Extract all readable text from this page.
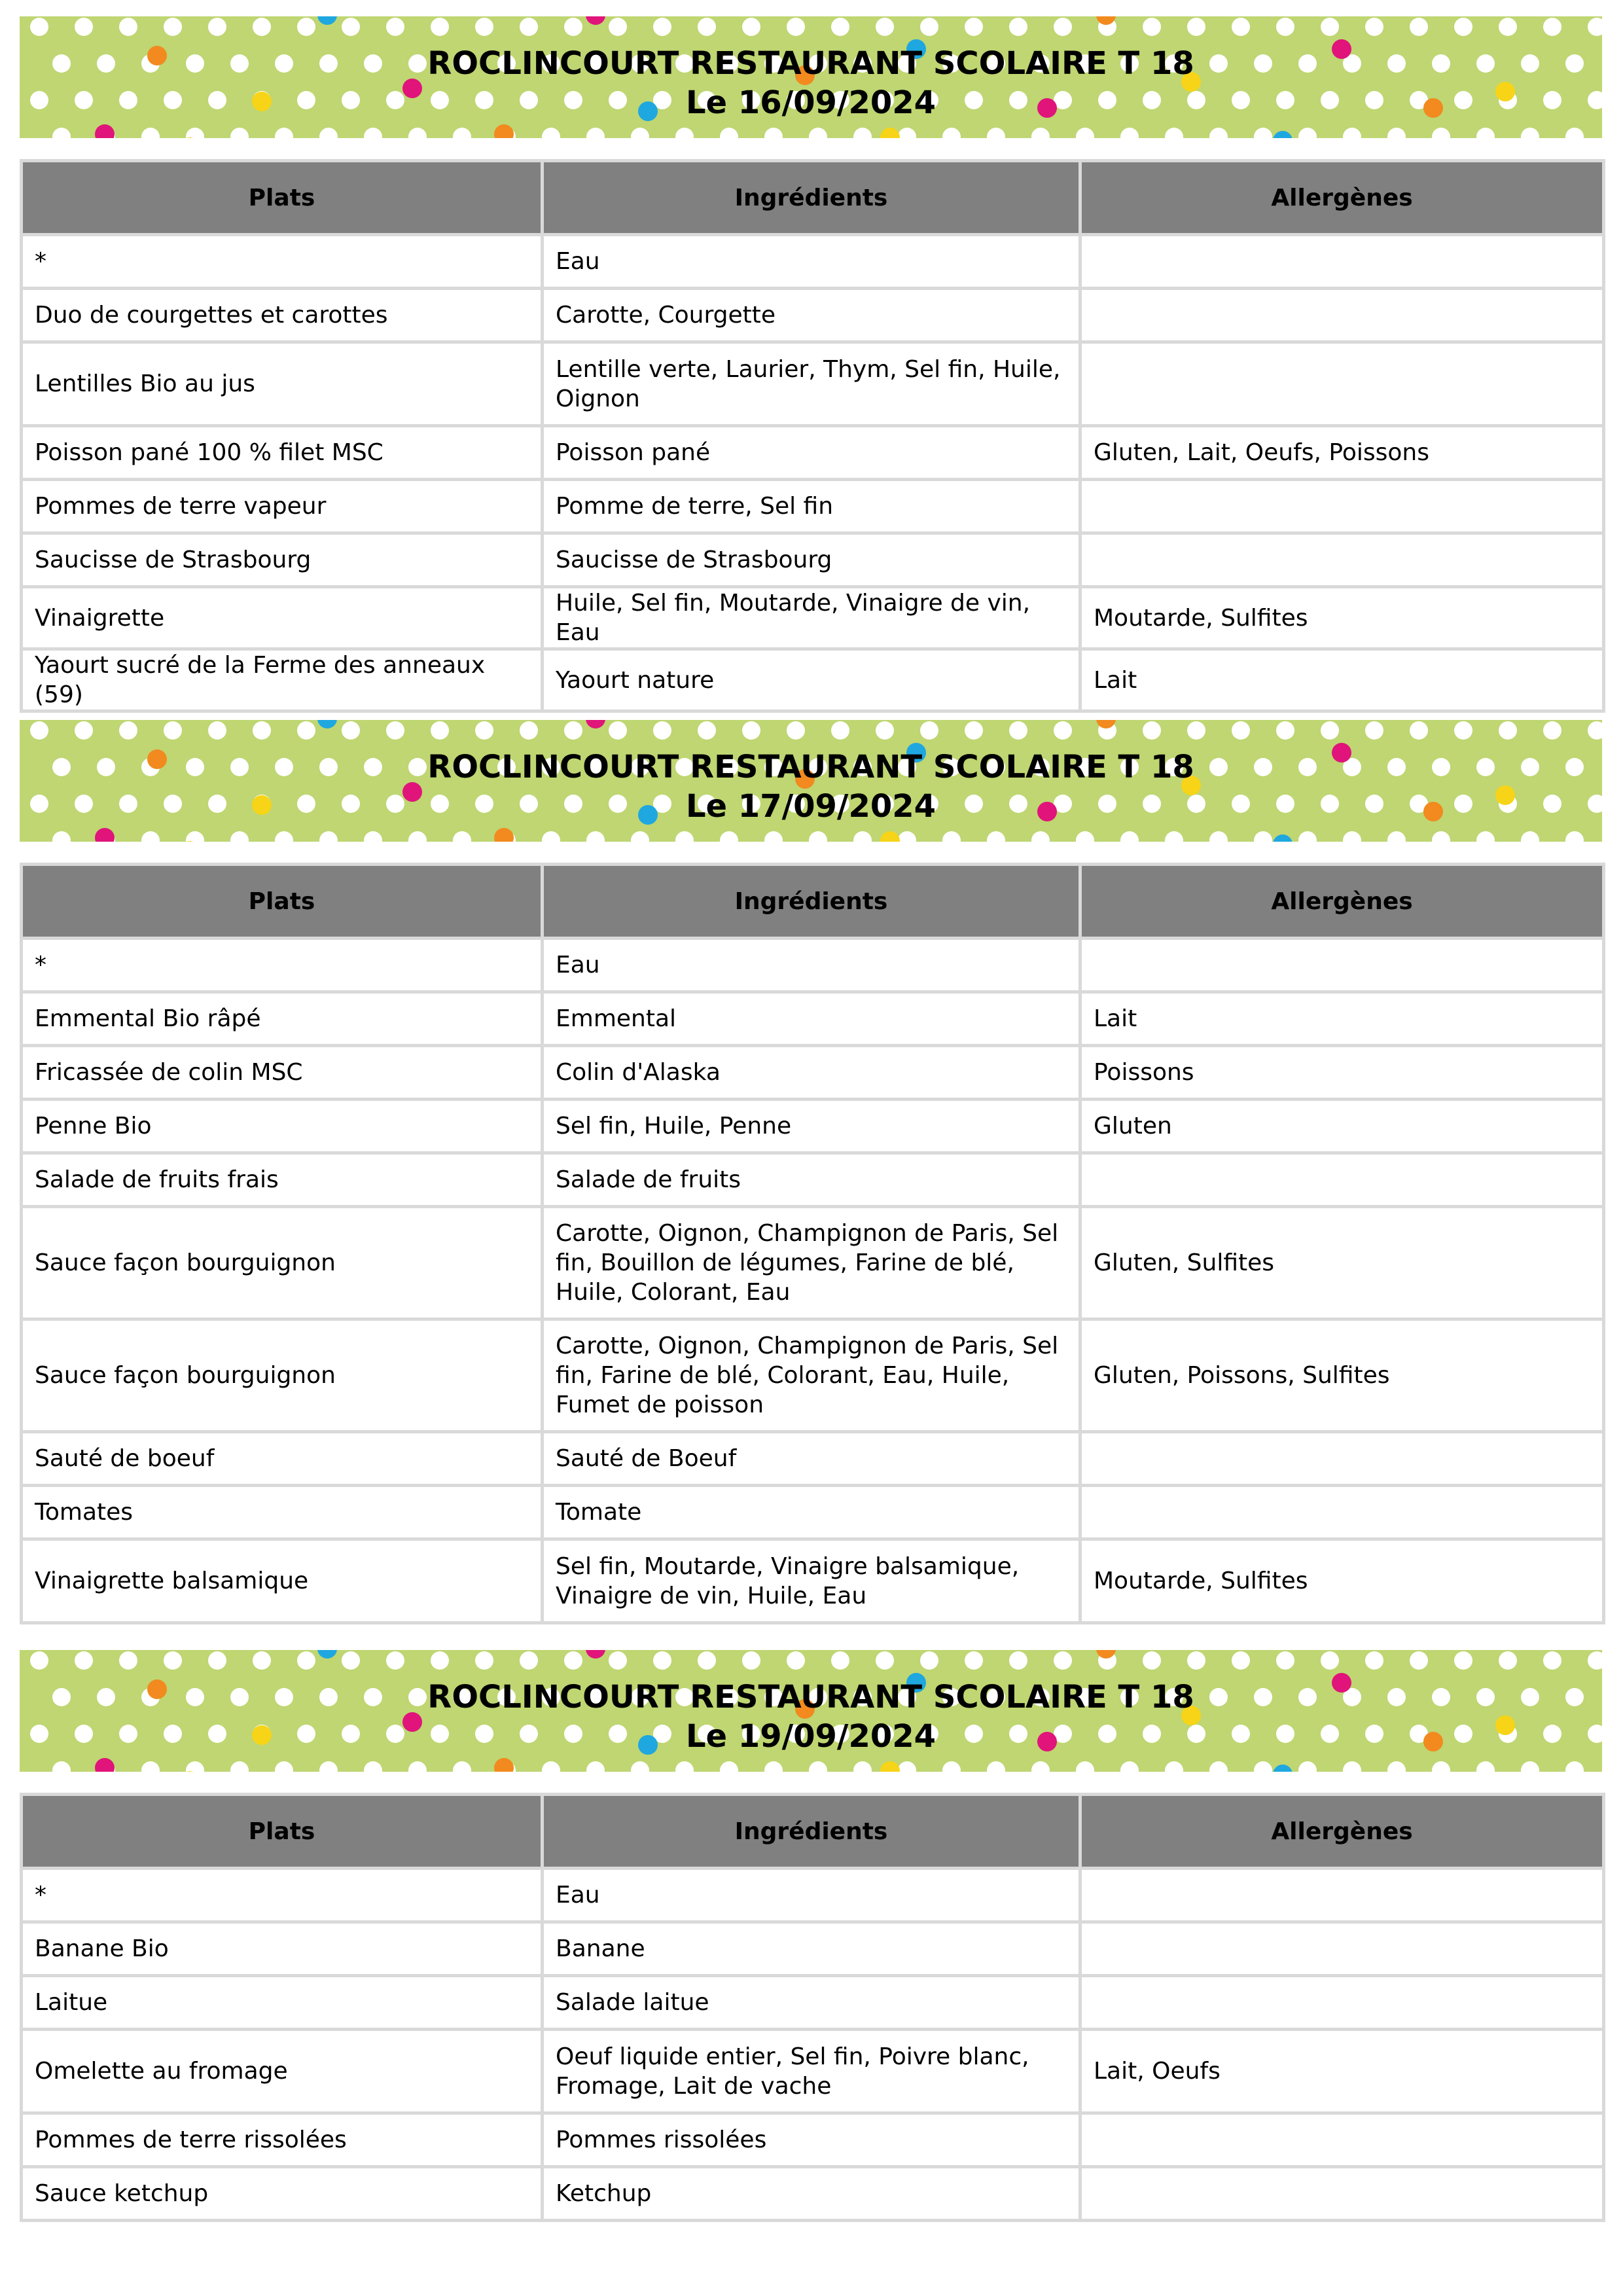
ROCLINCOURT RESTAURANT SCOLAIRE T 18
Le 16/09/2024
Plats	Ingrédients	Allergènes
*	Eau	
Duo de courgettes et carottes	Carotte, Courgette	
Lentilles Bio au jus	Lentille verte, Laurier, Thym, Sel fin, Huile, Oignon	
Poisson pané 100 % filet MSC	Poisson pané	Gluten, Lait, Oeufs, Poissons
Pommes de terre vapeur	Pomme de terre, Sel fin	
Saucisse de Strasbourg	Saucisse de Strasbourg	
Vinaigrette	Huile, Sel fin, Moutarde, Vinaigre de vin, Eau	Moutarde, Sulfites
Yaourt sucré de la Ferme des anneaux (59)	Yaourt nature	Lait
ROCLINCOURT RESTAURANT SCOLAIRE T 18
Le 17/09/2024
Plats	Ingrédients	Allergènes
*	Eau	
Emmental Bio râpé	Emmental	Lait
Fricassée de colin MSC	Colin d'Alaska	Poissons
Penne Bio	Sel fin, Huile, Penne	Gluten
Salade de fruits frais	Salade de fruits	
Sauce façon bourguignon	Carotte, Oignon, Champignon de Paris, Sel fin, Bouillon de légumes, Farine de blé, Huile, Colorant, Eau	Gluten, Sulfites
Sauce façon bourguignon	Carotte, Oignon, Champignon de Paris, Sel fin, Farine de blé, Colorant, Eau, Huile, Fumet de poisson	Gluten, Poissons, Sulfites
Sauté de boeuf	Sauté de Boeuf	
Tomates	Tomate	
Vinaigrette balsamique	Sel fin, Moutarde, Vinaigre balsamique, Vinaigre de vin, Huile, Eau	Moutarde, Sulfites
ROCLINCOURT RESTAURANT SCOLAIRE T 18
Le 19/09/2024
Plats	Ingrédients	Allergènes
*	Eau	
Banane Bio	Banane	
Laitue	Salade laitue	
Omelette au fromage	Oeuf liquide entier, Sel fin, Poivre blanc, Fromage, Lait de vache	Lait, Oeufs
Pommes de terre rissolées	Pommes rissolées	
Sauce ketchup	Ketchup	
